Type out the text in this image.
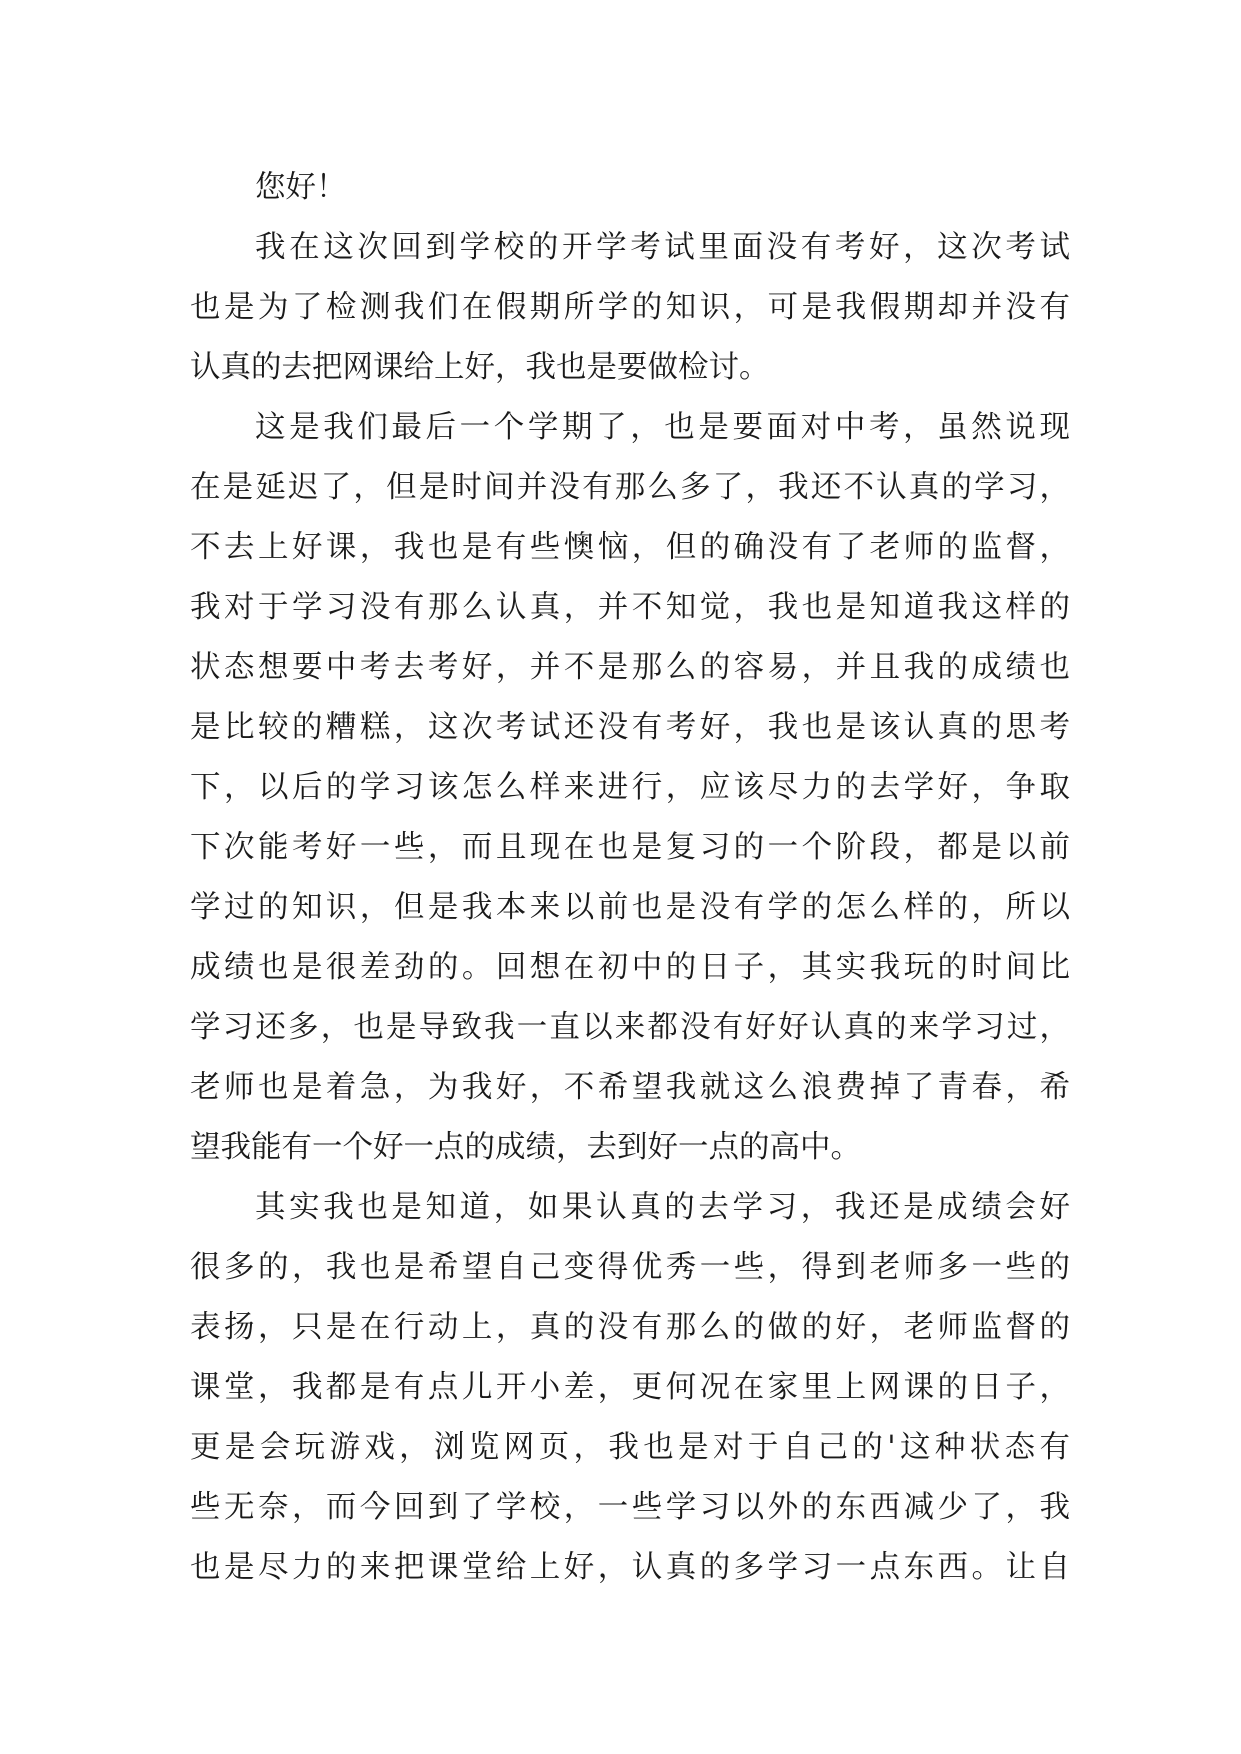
您好！
我在这次回到学校的开学考试里面没有考好，这次考试
也是为了检测我们在假期所学的知识，可是我假期却并没有
认真的去把网课给上好，我也是要做检讨。
这是我们最后一个学期了，也是要面对中考，虽然说现
在是延迟了，但是时间并没有那么多了，我还不认真的学习，
不去上好课，我也是有些懊恼，但的确没有了老师的监督，
我对于学习没有那么认真，并不知觉，我也是知道我这样的
状态想要中考去考好，并不是那么的容易，并且我的成绩也
是比较的糟糕，这次考试还没有考好，我也是该认真的思考
下，以后的学习该怎么样来进行，应该尽力的去学好，争取
下次能考好一些，而且现在也是复习的一个阶段，都是以前
学过的知识，但是我本来以前也是没有学的怎么样的，所以
成绩也是很差劲的。回想在初中的日子，其实我玩的时间比
学习还多，也是导致我一直以来都没有好好认真的来学习过，
老师也是着急，为我好，不希望我就这么浪费掉了青春，希
望我能有一个好一点的成绩，去到好一点的高中。
其实我也是知道，如果认真的去学习，我还是成绩会好
很多的，我也是希望自己变得优秀一些，得到老师多一些的
表扬，只是在行动上，真的没有那么的做的好，老师监督的
课堂，我都是有点儿开小差，更何况在家里上网课的日子，
更是会玩游戏，浏览网页，我也是对于自己的'这种状态有
些无奈，而今回到了学校，一些学习以外的东西减少了，我
也是尽力的来把课堂给上好，认真的多学习一点东西。让自
